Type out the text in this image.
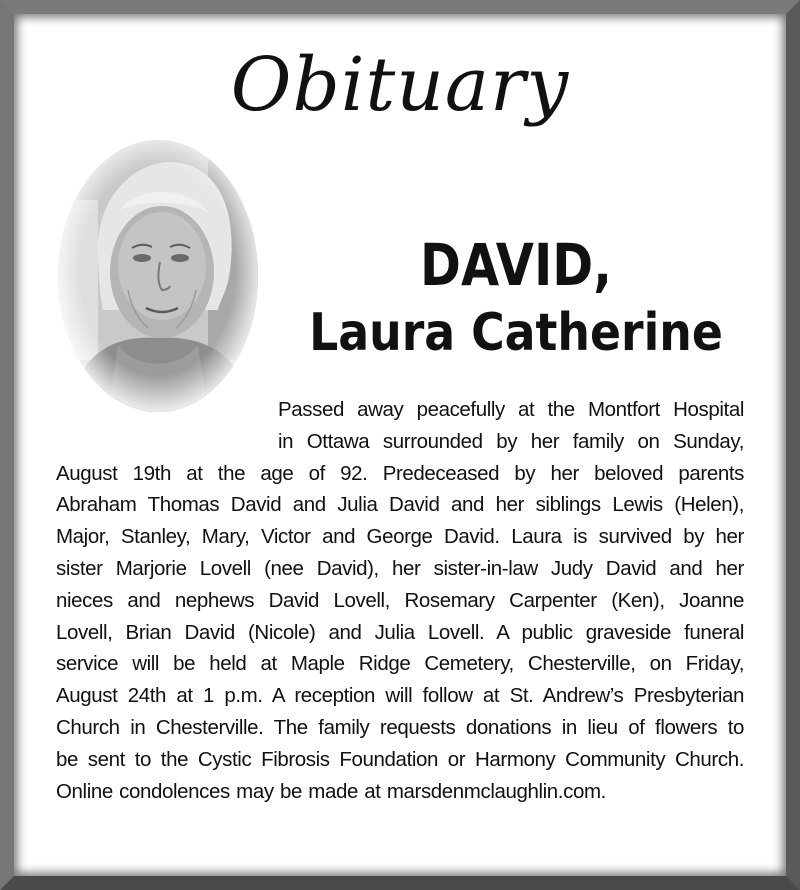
Obituary
DAVID,
Laura Catherine
Passed away peacefully at the Montfort Hospital
in Ottawa surrounded by her family on Sunday,
August 19th at the age of 92. Predeceased by her beloved parents
Abraham Thomas David and Julia David and her siblings Lewis (Helen),
Major, Stanley, Mary, Victor and George David. Laura is survived by her
sister Marjorie Lovell (nee David), her sister-in-law Judy David and her
nieces and nephews David Lovell, Rosemary Carpenter (Ken), Joanne
Lovell, Brian David (Nicole) and Julia Lovell. A public graveside funeral
service will be held at Maple Ridge Cemetery, Chesterville, on Friday,
August 24th at 1 p.m. A reception will follow at St. Andrew’s Presbyterian
Church in Chesterville. The family requests donations in lieu of flowers to
be sent to the Cystic Fibrosis Foundation or Harmony Community Church.
Online condolences may be made at marsdenmclaughlin.com.
